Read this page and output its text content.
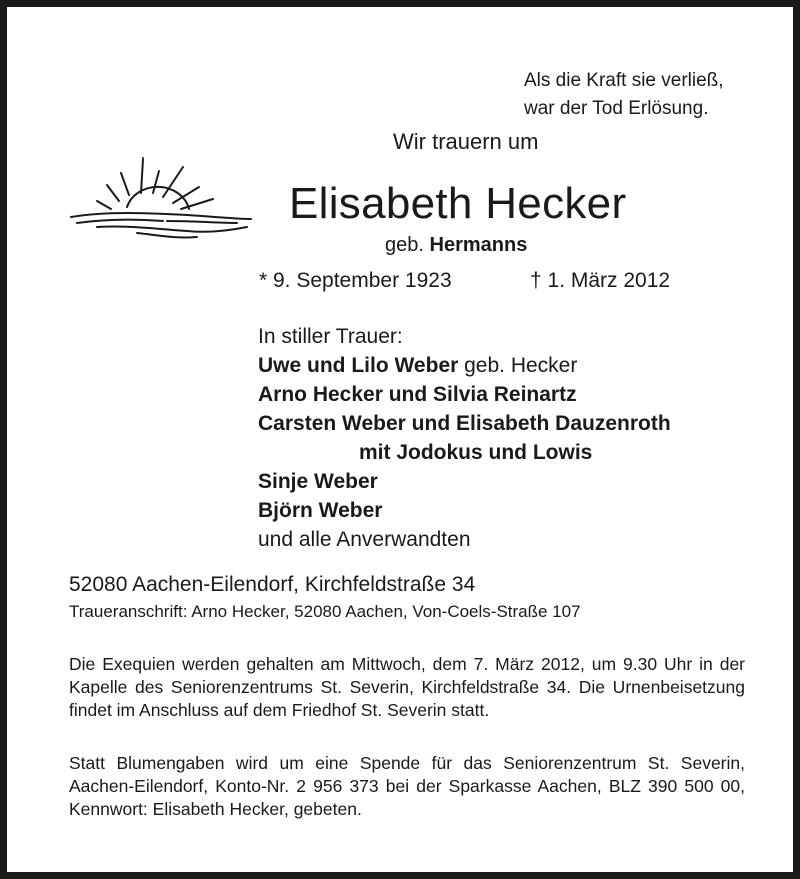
Als die Kraft sie verließ,
war der Tod Erlösung.
Wir trauern um
Elisabeth Hecker
geb. Hermanns
* 9. September 1923	† 1. März 2012
In stiller Trauer:
Uwe und Lilo Weber geb. Hecker
Arno Hecker und Silvia Reinartz
Carsten Weber und Elisabeth Dauzenroth
mit Jodokus und Lowis
Sinje Weber
Björn Weber
und alle Anverwandten
52080 Aachen-Eilendorf, Kirchfeldstraße 34
Traueranschrift: Arno Hecker, 52080 Aachen, Von-Coels-Straße 107
Die Exequien werden gehalten am Mittwoch, dem 7. März 2012, um 9.30 Uhr in der Kapelle des Seniorenzentrums St. Severin, Kirchfeldstraße 34. Die Urnenbeisetzung findet im Anschluss auf dem Friedhof St. Severin statt.
Statt Blumengaben wird um eine Spende für das Seniorenzentrum St. Severin, Aachen-Eilendorf, Konto-Nr. 2 956 373 bei der Sparkasse Aachen, BLZ 390 500 00, Kennwort: Elisabeth Hecker, gebeten.
